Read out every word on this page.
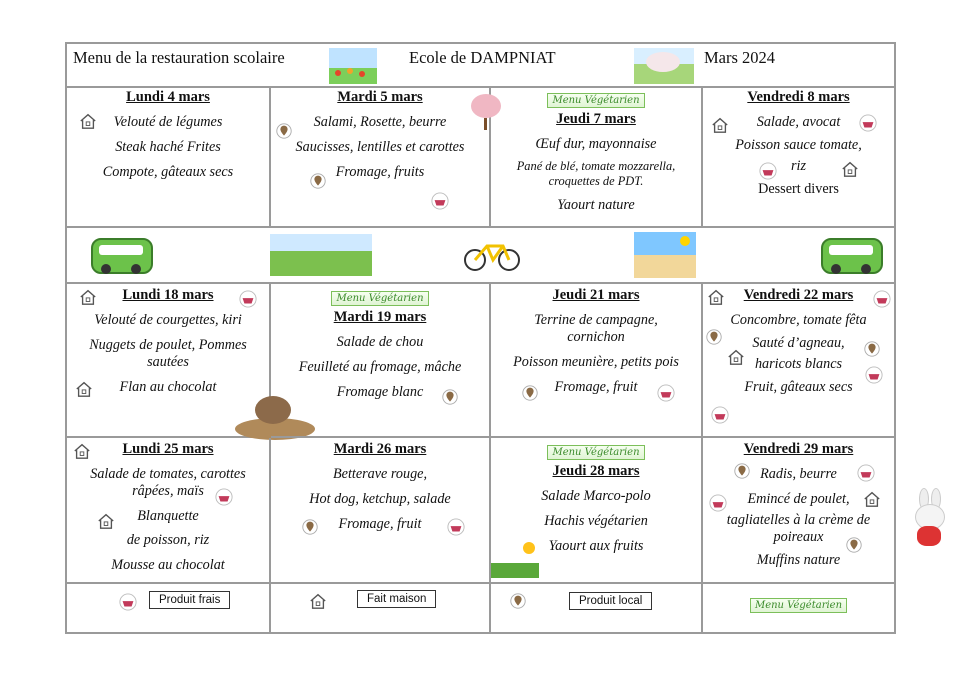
Menu de la restauration scolaire	Ecole de DAMPNIAT	Mars 2024
Lundi 4 mars
Velouté de légumes
Steak haché Frites
Compote, gâteaux secs
Mardi 5 mars
Salami, Rosette, beurre
Saucisses, lentilles et carottes
Fromage, fruits
Menu Végétarien
Jeudi 7 mars
Œuf dur, mayonnaise
Pané de blé, tomate mozzarella, croquettes de PDT.
Yaourt nature
Vendredi 8 mars
Salade, avocat
Poisson sauce tomate,
riz
Dessert divers
Lundi 18 mars
Velouté de courgettes, kiri
Nuggets de poulet, Pommes sautées
Flan au chocolat
Menu Végétarien
Mardi 19 mars
Salade de chou
Feuilleté au fromage, mâche
Fromage blanc
Jeudi 21 mars
Terrine de campagne, cornichon
Poisson meunière, petits pois
Fromage, fruit
Vendredi 22 mars
Concombre, tomate fêta
Sauté d’agneau,
haricots blancs
Fruit, gâteaux secs
Lundi 25 mars
Salade de tomates, carottes râpées, maïs
Blanquette
de poisson, riz
Mousse au chocolat
Mardi 26 mars
Betterave rouge,
Hot dog, ketchup, salade
Fromage, fruit
Menu Végétarien
Jeudi 28 mars
Salade Marco-polo
Hachis végétarien
Yaourt aux fruits
Vendredi 29 mars
Radis, beurre
Emincé de poulet,
tagliatelles à la crème de poireaux
Muffins nature
Produit frais	Fait maison	Produit local	Menu Végétarien
